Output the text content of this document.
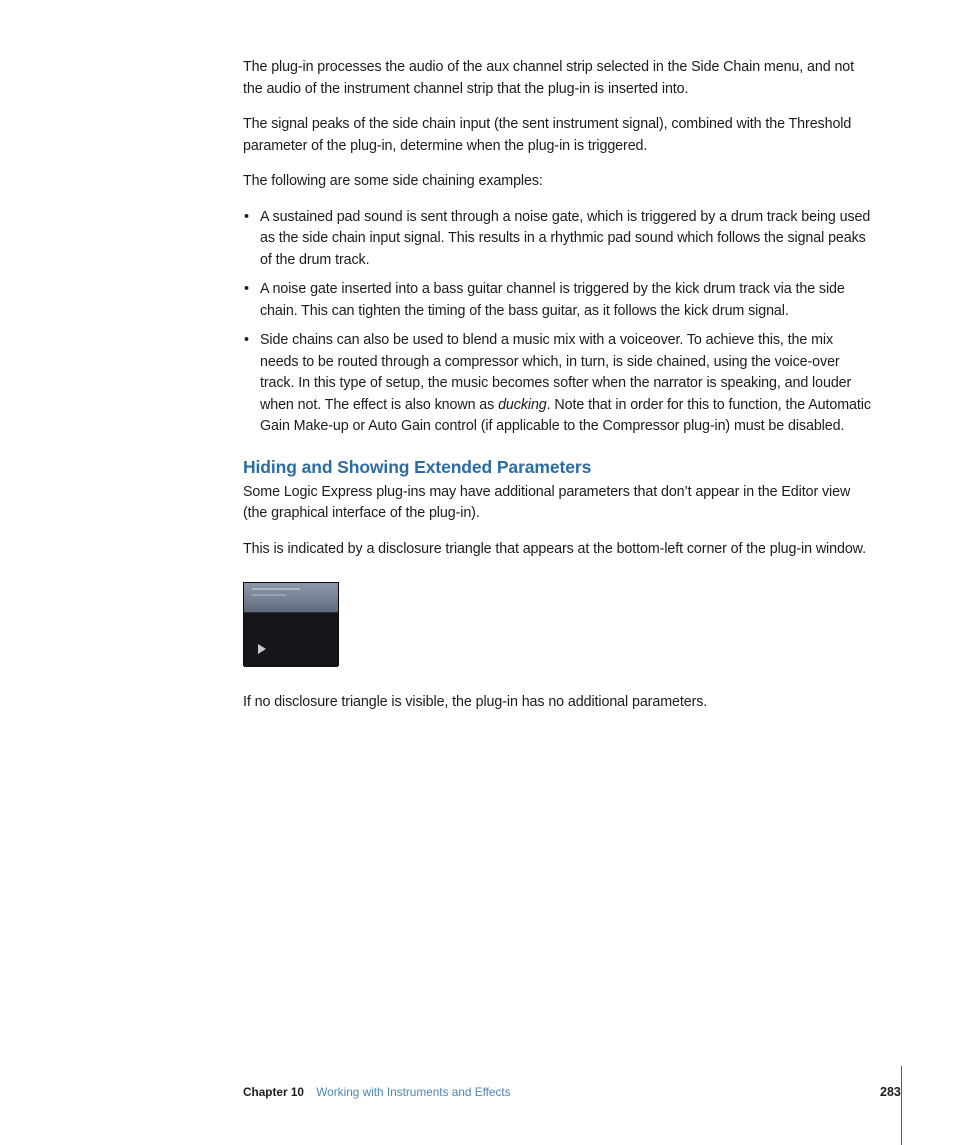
The plug-in processes the audio of the aux channel strip selected in the Side Chain menu, and not the audio of the instrument channel strip that the plug-in is inserted into.

The signal peaks of the side chain input (the sent instrument signal), combined with the Threshold parameter of the plug-in, determine when the plug-in is triggered.

The following are some side chaining examples:

• A sustained pad sound is sent through a noise gate, which is triggered by a drum track being used as the side chain input signal. This results in a rhythmic pad sound which follows the signal peaks of the drum track.
• A noise gate inserted into a bass guitar channel is triggered by the kick drum track via the side chain. This can tighten the timing of the bass guitar, as it follows the kick drum signal.
• Side chains can also be used to blend a music mix with a voiceover. To achieve this, the mix needs to be routed through a compressor which, in turn, is side chained, using the voice-over track. In this type of setup, the music becomes softer when the narrator is speaking, and louder when not. The effect is also known as ducking. Note that in order for this to function, the Automatic Gain Make-up or Auto Gain control (if applicable to the Compressor plug-in) must be disabled.
Hiding and Showing Extended Parameters

Some Logic Express plug-ins may have additional parameters that don’t appear in the Editor view (the graphical interface of the plug-in).

This is indicated by a disclosure triangle that appears at the bottom-left corner of the plug-in window.

If no disclosure triangle is visible, the plug-in has no additional parameters.

Chapter 10 Working with Instruments and Effects	283
